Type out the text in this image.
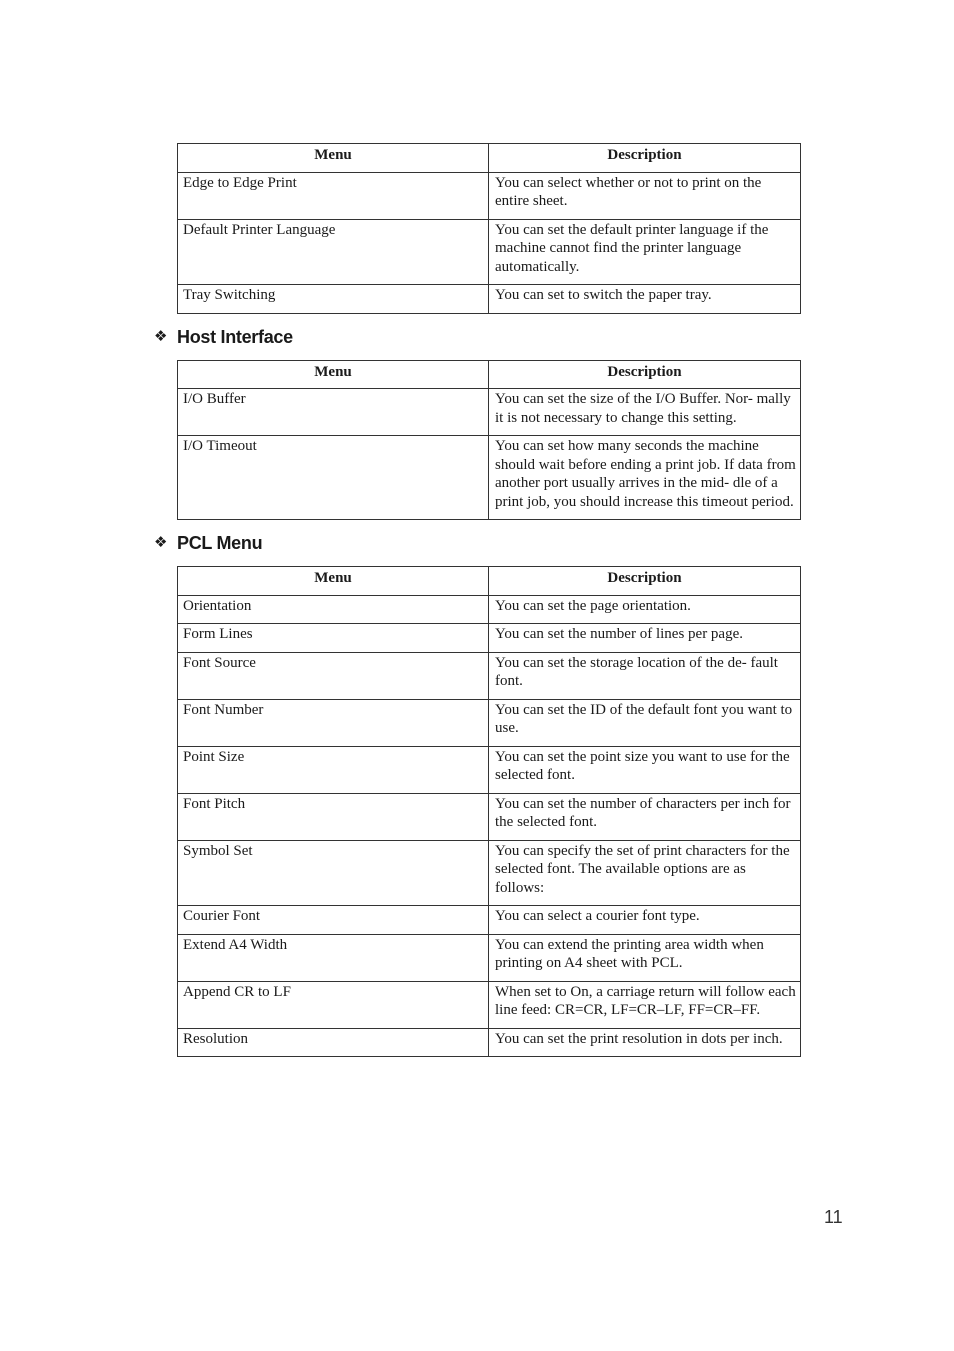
Menu	Description
Edge to Edge Print	You can select whether or not to print on the entire sheet.
Default Printer Language	You can set the default printer language if the machine cannot find the printer language automatically.
Tray Switching	You can set to switch the paper tray.
❖ Host Interface
Menu	Description
I/O Buffer	You can set the size of the I/O Buffer. Nor- mally it is not necessary to change this setting.
I/O Timeout	You can set how many seconds the machine should wait before ending a print job. If data from another port usually arrives in the mid- dle of a print job, you should increase this timeout period.
❖ PCL Menu
Menu	Description
Orientation	You can set the page orientation.
Form Lines	You can set the number of lines per page.
Font Source	You can set the storage location of the de- fault font.
Font Number	You can set the ID of the default font you want to use.
Point Size	You can set the point size you want to use for the selected font.
Font Pitch	You can set the number of characters per inch for the selected font.
Symbol Set	You can specify the set of print characters for the selected font. The available options are as follows:
Courier Font	You can select a courier font type.
Extend A4 Width	You can extend the printing area width when printing on A4 sheet with PCL.
Append CR to LF	When set to On, a carriage return will follow each line feed: CR=CR, LF=CR–LF, FF=CR–FF.
Resolution	You can set the print resolution in dots per inch.
11
